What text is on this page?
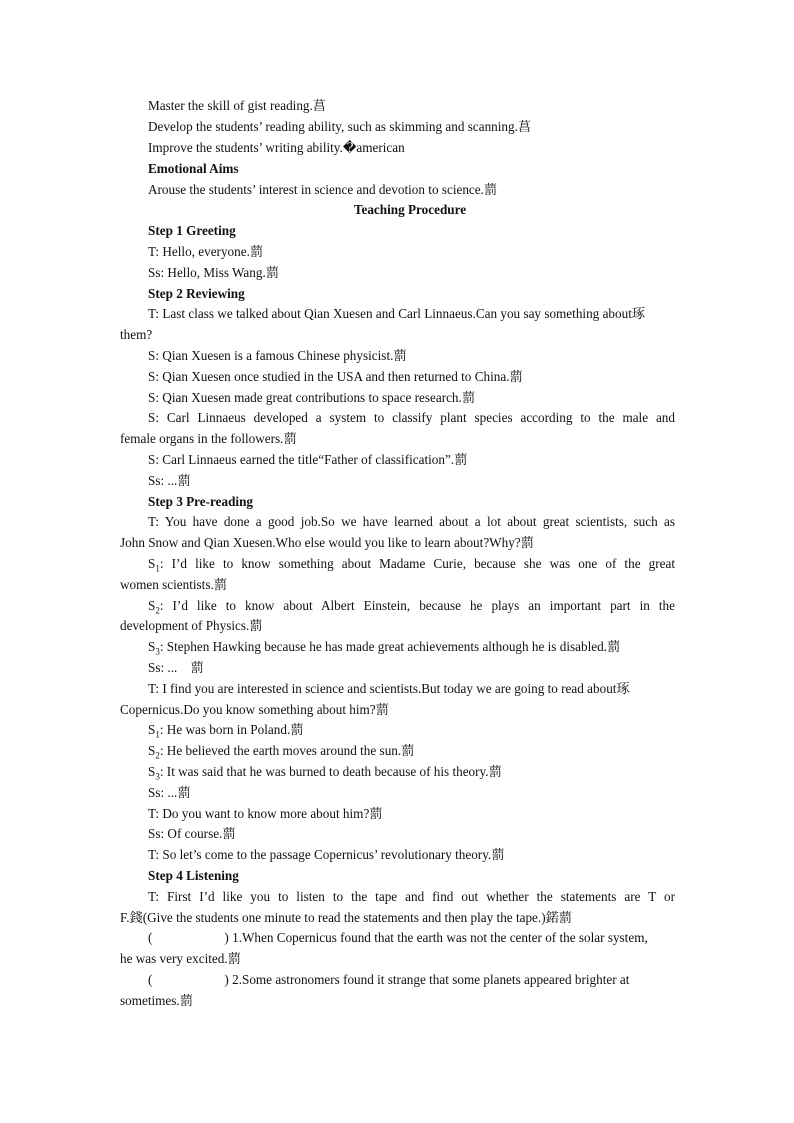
Master the skill of gist reading.菖
Develop the students’ reading ability, such as skimming and scanning.菖
Improve the students’ writing ability.�american
Emotional Aims
Arouse the students’ interest in science and devotion to science.藅
Teaching Procedure
Step 1 Greeting
T: Hello, everyone.藅
Ss: Hello, Miss Wang.藅
Step 2 Reviewing
T: Last class we talked about Qian Xuesen and Carl Linnaeus.Can you say something about琢
them?
S: Qian Xuesen is a famous Chinese physicist.藅
S: Qian Xuesen once studied in the USA and then returned to China.藅
S: Qian Xuesen made great contributions to space research.藅
S: Carl Linnaeus developed a system to classify plant species according to the male and
female organs in the followers.藅
S: Carl Linnaeus earned the title“Father of classification”.藅
Ss: ...藅
Step 3 Pre-reading
T: You have done a good job.So we have learned about a lot about great scientists, such as
John Snow and Qian Xuesen.Who else would you like to learn about?Why?藅
$S_1$: I’d like to know something about Madame Curie, because she was one of the great
women scientists.藅
$S_2$: I’d like to know about Albert Einstein, because he plays an important part in the
development of Physics.藅
$S_3$: Stephen Hawking because he has made great achievements although he is disabled.藅
Ss: ...    藅
T: I find you are interested in science and scientists.But today we are going to read about琢
Copernicus.Do you know something about him?藅
$S_1$: He was born in Poland.藅
$S_2$: He believed the earth moves around the sun.藅
$S_3$: It was said that he was burned to death because of his theory.藅
Ss: ...藅
T: Do you want to know more about him?藅
Ss: Of course.藅
T: So let’s come to the passage Copernicus’ revolutionary theory.藅
Step 4 Listening
T: First I’d like you to listen to the tape and find out whether the statements are T or
F.錢(Give the students one minute to read the statements and then play the tape.)鍩藅
(	) 1.When Copernicus found that the earth was not the center of the solar system,
he was very excited.藅
(	) 2.Some astronomers found it strange that some planets appeared brighter at
sometimes.藅
